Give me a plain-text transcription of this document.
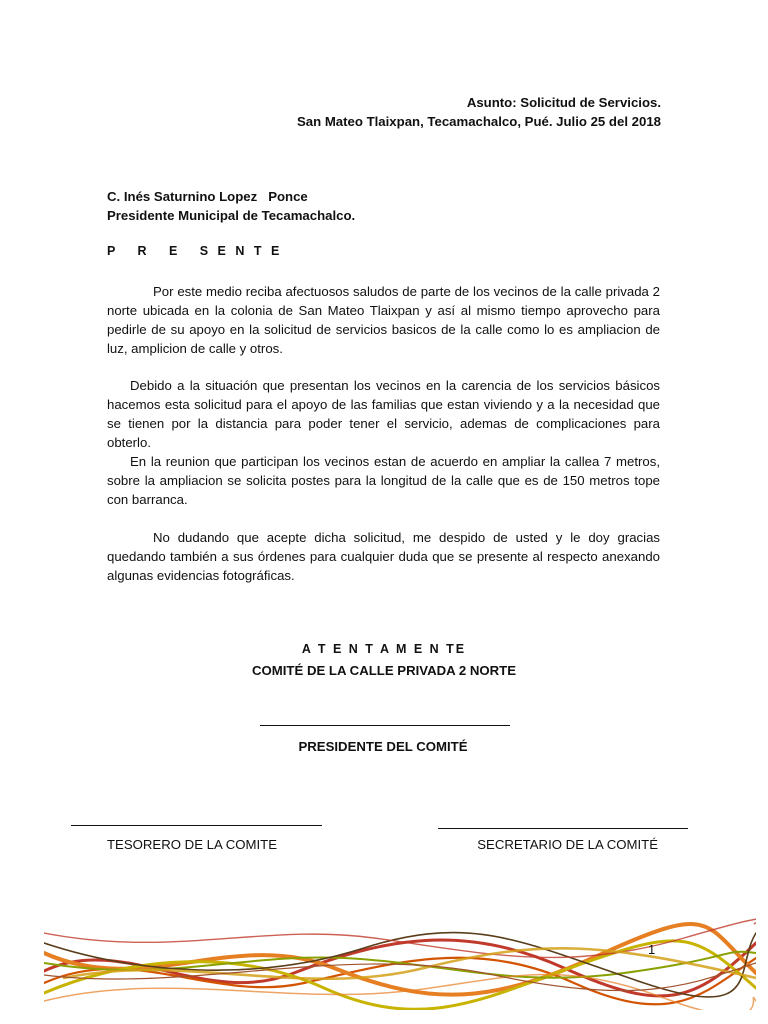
Asunto: Solicitud de Servicios.
San Mateo Tlaixpan, Tecamachalco, Pué. Julio 25 del 2018
C. Inés Saturnino Lopez   Ponce
Presidente Municipal de Tecamachalco.
P   R   E   S E N T E
Por este medio reciba afectuosos saludos de parte de los vecinos de la calle privada 2 norte ubicada en la colonia de San Mateo Tlaixpan y así al mismo tiempo aprovecho para pedirle de su apoyo en la solicitud de servicios basicos de la calle como lo es ampliacion de luz, amplicion de calle y otros.
Debido a la situación que presentan los vecinos en la carencia de los servicios básicos hacemos esta solicitud para el apoyo de las familias que estan viviendo y a la necesidad que se tienen por la distancia para poder tener el servicio, ademas de complicaciones para obterlo.
En la reunion que participan los vecinos estan de acuerdo en ampliar la callea 7 metros, sobre la ampliacion se solicita postes para la longitud de la calle que es de 150 metros tope con barranca.
No dudando que acepte dicha solicitud, me despido de usted y le doy gracias quedando también a sus órdenes para cualquier duda que se presente al respecto anexando algunas evidencias fotográficas.
A T E N T A M E N TE
COMITÉ DE LA CALLE PRIVADA 2 NORTE
PRESIDENTE DEL COMITÉ
TESORERO DE LA COMITE	SECRETARIO DE LA COMITÉ
1
